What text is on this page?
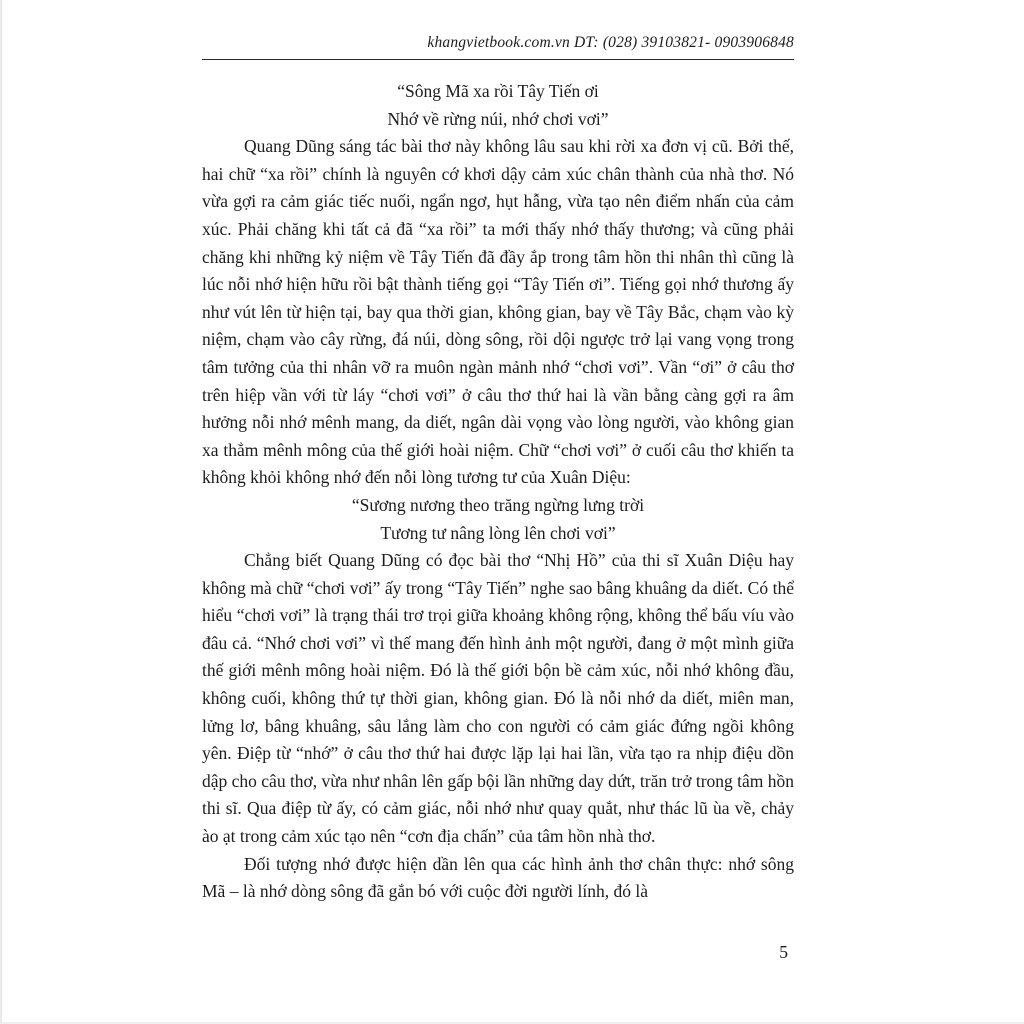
khangvietbook.com.vn DT: (028) 39103821- 0903906848
“Sông Mã xa rồi Tây Tiến ơi
Nhớ về rừng núi, nhớ chơi vơi”

Quang Dũng sáng tác bài thơ này không lâu sau khi rời xa đơn vị cũ. Bởi thế, hai chữ “xa rồi” chính là nguyên cớ khơi dậy cảm xúc chân thành của nhà thơ. Nó vừa gợi ra cảm giác tiếc nuối, ngẩn ngơ, hụt hẫng, vừa tạo nên điểm nhấn của cảm xúc. Phải chăng khi tất cả đã “xa rồi” ta mới thấy nhớ thấy thương; và cũng phải chăng khi những kỷ niệm về Tây Tiến đã đầy ắp trong tâm hồn thi nhân thì cũng là lúc nỗi nhớ hiện hữu rồi bật thành tiếng gọi “Tây Tiến ơi”. Tiếng gọi nhớ thương ấy như vút lên từ hiện tại, bay qua thời gian, không gian, bay về Tây Bắc, chạm vào kỳ niệm, chạm vào cây rừng, đá núi, dòng sông, rồi dội ngược trở lại vang vọng trong tâm tưởng của thi nhân vỡ ra muôn ngàn mảnh nhớ “chơi vơi”. Vần “ơi” ở câu thơ trên hiệp vần với từ láy “chơi vơi” ở câu thơ thứ hai là vần bằng càng gợi ra âm hưởng nỗi nhớ mênh mang, da diết, ngân dài vọng vào lòng người, vào không gian xa thẳm mênh mông của thế giới hoài niệm. Chữ “chơi vơi” ở cuối câu thơ khiến ta không khỏi không nhớ đến nỗi lòng tương tư của Xuân Diệu:

“Sương nương theo trăng ngừng lưng trời
Tương tư nâng lòng lên chơi vơi”

Chẳng biết Quang Dũng có đọc bài thơ “Nhị Hồ” của thi sĩ Xuân Diệu hay không mà chữ “chơi vơi” ấy trong “Tây Tiến” nghe sao bâng khuâng da diết. Có thể hiểu “chơi vơi” là trạng thái trơ trọi giữa khoảng không rộng, không thể bấu víu vào đâu cả. “Nhớ chơi vơi” vì thế mang đến hình ảnh một người, đang ở một mình giữa thế giới mênh mông hoài niệm. Đó là thế giới bộn bề cảm xúc, nỗi nhớ không đầu, không cuối, không thứ tự thời gian, không gian. Đó là nỗi nhớ da diết, miên man, lửng lơ, bâng khuâng, sâu lắng làm cho con người có cảm giác đứng ngồi không yên. Điệp từ “nhớ” ở câu thơ thứ hai được lặp lại hai lần, vừa tạo ra nhịp điệu dồn dập cho câu thơ, vừa như nhân lên gấp bội lần những day dứt, trăn trở trong tâm hồn thi sĩ. Qua điệp từ ấy, có cảm giác, nỗi nhớ như quay quắt, như thác lũ ùa về, chảy ào ạt trong cảm xúc tạo nên “cơn địa chấn” của tâm hồn nhà thơ.

Đối tượng nhớ được hiện dần lên qua các hình ảnh thơ chân thực: nhớ sông Mã – là nhớ dòng sông đã gắn bó với cuộc đời người lính, đó là

5
